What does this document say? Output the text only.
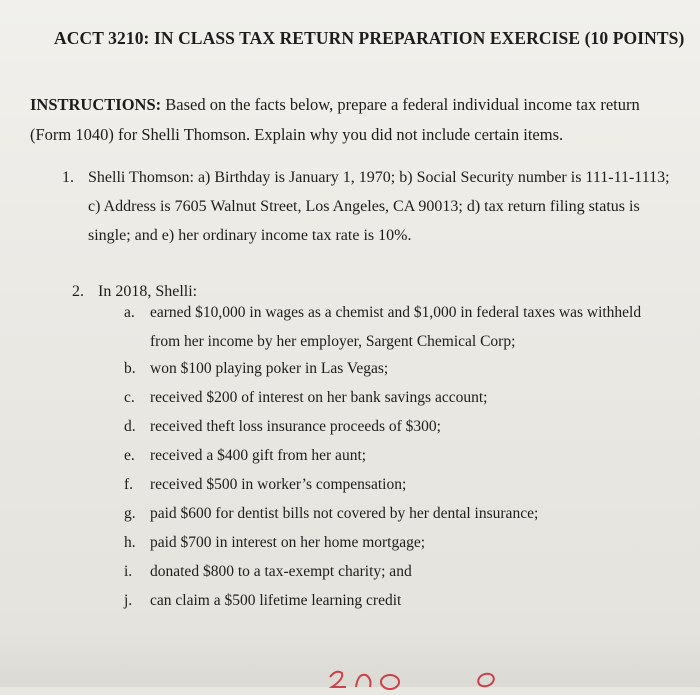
ACCT 3210: IN CLASS TAX RETURN PREPARATION EXERCISE (10 POINTS)
INSTRUCTIONS: Based on the facts below, prepare a federal individual income tax return (Form 1040) for Shelli Thomson. Explain why you did not include certain items.
1. Shelli Thomson: a) Birthday is January 1, 1970; b) Social Security number is 111-11-1113;
c) Address is 7605 Walnut Street, Los Angeles, CA 90013; d) tax return filing status is
single; and e) her ordinary income tax rate is 10%.
2. In 2018, Shelli:
a. earned $10,000 in wages as a chemist and $1,000 in federal taxes was withheld
from her income by her employer, Sargent Chemical Corp;
b. won $100 playing poker in Las Vegas;
c. received $200 of interest on her bank savings account;
d. received theft loss insurance proceeds of $300;
e. received a $400 gift from her aunt;
f. received $500 in worker’s compensation;
g. paid $600 for dentist bills not covered by her dental insurance;
h. paid $700 in interest on her home mortgage;
i. donated $800 to a tax-exempt charity; and
j. can claim a $500 lifetime learning credit
